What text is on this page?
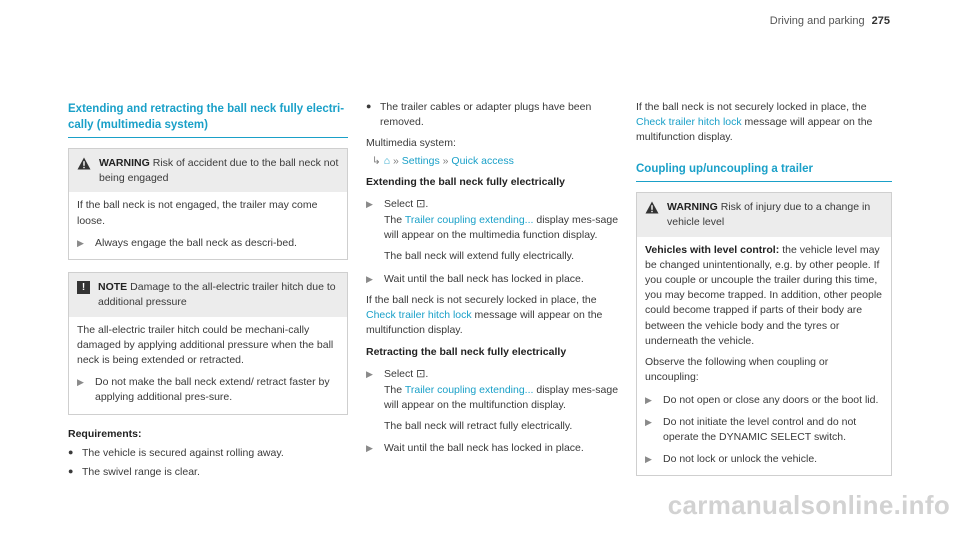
Driving and parking 275
Extending and retracting the ball neck fully electri-cally (multimedia system)
WARNING Risk of accident due to the ball neck not being engaged
If the ball neck is not engaged, the trailer may come loose.
▶ Always engage the ball neck as descri-bed.
!	NOTE Damage to the all-electric trailer hitch due to additional pressure
The all-electric trailer hitch could be mechani-cally damaged by applying additional pressure when the ball neck is being extended or retracted.
▶ Do not make the ball neck extend/ retract faster by applying additional pres-sure.
Requirements:
● The vehicle is secured against rolling away.
● The swivel range is clear.
● The trailer cables or adapter plugs have been removed.
Multimedia system:
↳ ⌂ » Settings » Quick access
Extending the ball neck fully electrically
▶ Select ⊡.
The Trailer coupling extending... display mes-sage will appear on the multimedia function display.
The ball neck will extend fully electrically.
▶ Wait until the ball neck has locked in place.
If the ball neck is not securely locked in place, the Check trailer hitch lock message will appear on the multifunction display.
Retracting the ball neck fully electrically
▶ Select ⊡.
The Trailer coupling extending... display mes-sage will appear on the multifunction display.
The ball neck will retract fully electrically.
▶ Wait until the ball neck has locked in place.
If the ball neck is not securely locked in place, the Check trailer hitch lock message will appear on the multifunction display.
Coupling up/uncoupling a trailer
WARNING Risk of injury due to a change in vehicle level
Vehicles with level control: the vehicle level may be changed unintentionally, e.g. by other people. If you couple or uncouple the trailer during this time, you may become trapped. In addition, other people could become trapped if parts of their body are between the vehicle body and the tyres or underneath the vehicle.
Observe the following when coupling or uncoupling:
▶ Do not open or close any doors or the boot lid.
▶ Do not initiate the level control and do not operate the DYNAMIC SELECT switch.
▶ Do not lock or unlock the vehicle.
carmanualsonline.info
